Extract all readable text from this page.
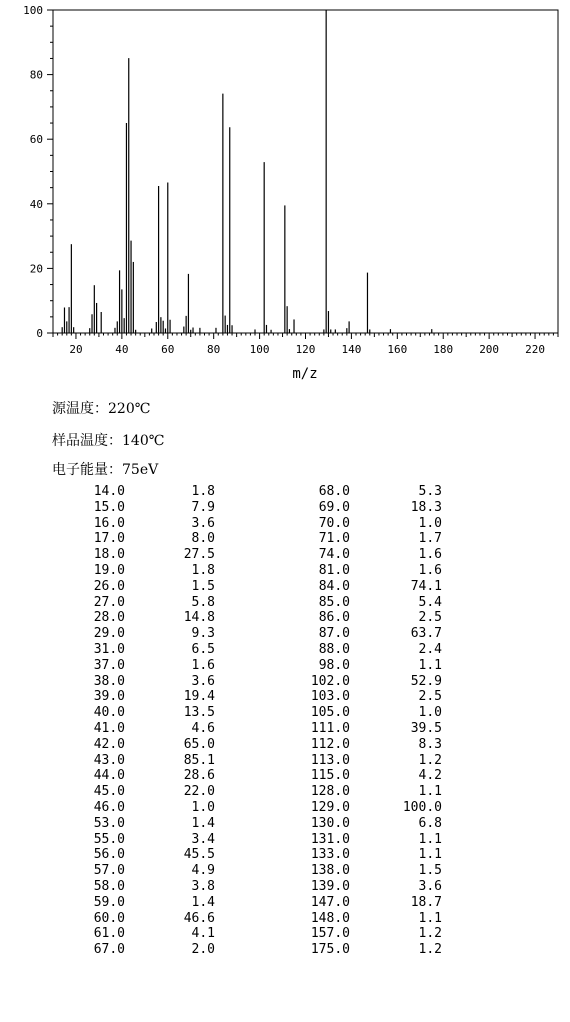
20	40	60	80	100 120 140 160 180 200 220
0
20
40
60
80
100
m/z
源温度：220℃
样品温度：140℃
电子能量：75eV
14.0	1.8	68.0	5.3
15.0	7.9	69.0	18.3
16.0	3.6	70.0	1.0
17.0	8.0	71.0	1.7
18.0	27.5	74.0	1.6
19.0	1.8	81.0	1.6
26.0	1.5	84.0	74.1
27.0	5.8	85.0	5.4
28.0	14.8	86.0	2.5
29.0	9.3	87.0	63.7
31.0	6.5	88.0	2.4
37.0	1.6	98.0	1.1
38.0	3.6	102.0	52.9
39.0	19.4	103.0	2.5
40.0	13.5	105.0	1.0
41.0	4.6	111.0	39.5
42.0	65.0	112.0	8.3
43.0	85.1	113.0	1.2
44.0	28.6	115.0	4.2
45.0	22.0	128.0	1.1
46.0	1.0	129.0	100.0
53.0	1.4	130.0	6.8
55.0	3.4	131.0	1.1
56.0	45.5	133.0	1.1
57.0	4.9	138.0	1.5
58.0	3.8	139.0	3.6
59.0	1.4	147.0	18.7
60.0	46.6	148.0	1.1
61.0	4.1	157.0	1.2
67.0	2.0	175.0	1.2
